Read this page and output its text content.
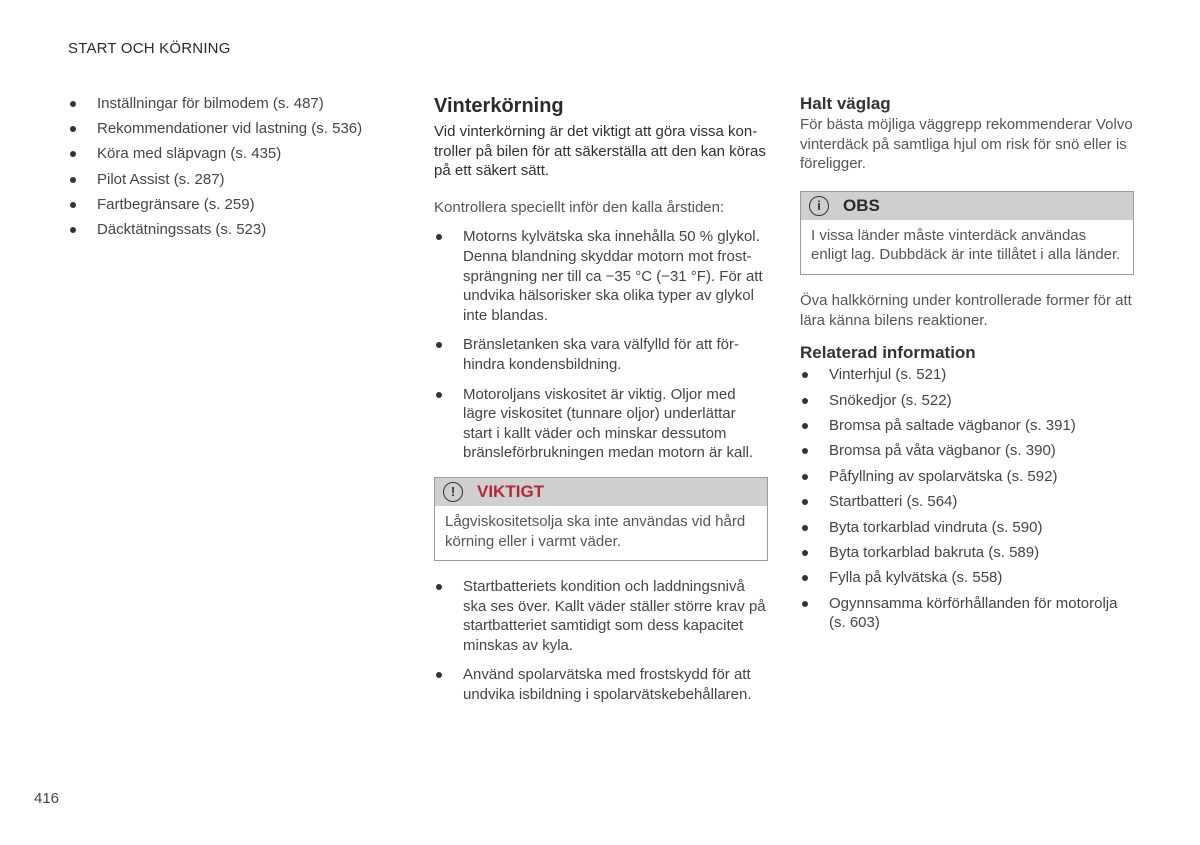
START OCH KÖRNING
Inställningar för bilmodem (s. 487)
Rekommendationer vid lastning (s. 536)
Köra med släpvagn (s. 435)
Pilot Assist (s. 287)
Fartbegränsare (s. 259)
Däcktätningssats (s. 523)
Vinterkörning

Vid vinterkörning är det viktigt att göra vissa kontroller på bilen för att säkerställa att den kan köras på ett säkert sätt.

Kontrollera speciellt inför den kalla årstiden:

Motorns kylvätska ska innehålla 50 % glykol. Denna blandning skyddar motorn mot frostsprängning ner till ca −35 °C (−31 °F). För att undvika hälsorisker ska olika typer av glykol inte blandas.
Bränsletanken ska vara välfylld för att förhindra kondensbildning.
Motoroljans viskositet är viktig. Oljor med lägre viskositet (tunnare oljor) underlättar start i kallt väder och minskar dessutom bränsleförbrukningen medan motorn är kall.
!	VIKTIGT
Lågviskositetsolja ska inte användas vid hård körning eller i varmt väder.
Startbatteriets kondition och laddningsnivå ska ses över. Kallt väder ställer större krav på startbatteriet samtidigt som dess kapacitet minskas av kyla.
Använd spolarvätska med frostskydd för att undvika isbildning i spolarvätskebehållaren.
Halt väglag

För bästa möjliga väggrepp rekommenderar Volvo vinterdäck på samtliga hjul om risk för snö eller is föreligger.

i	OBS
I vissa länder måste vinterdäck användas enligt lag. Dubbdäck är inte tillåtet i alla länder.

Öva halkkörning under kontrollerade former för att lära känna bilens reaktioner.

Relaterad information
Vinterhjul (s. 521)
Snökedjor (s. 522)
Bromsa på saltade vägbanor (s. 391)
Bromsa på våta vägbanor (s. 390)
Påfyllning av spolarvätska (s. 592)
Startbatteri (s. 564)
Byta torkarblad vindruta (s. 590)
Byta torkarblad bakruta (s. 589)
Fylla på kylvätska (s. 558)
Ogynnsamma körförhållanden för motorolja (s. 603)
416
